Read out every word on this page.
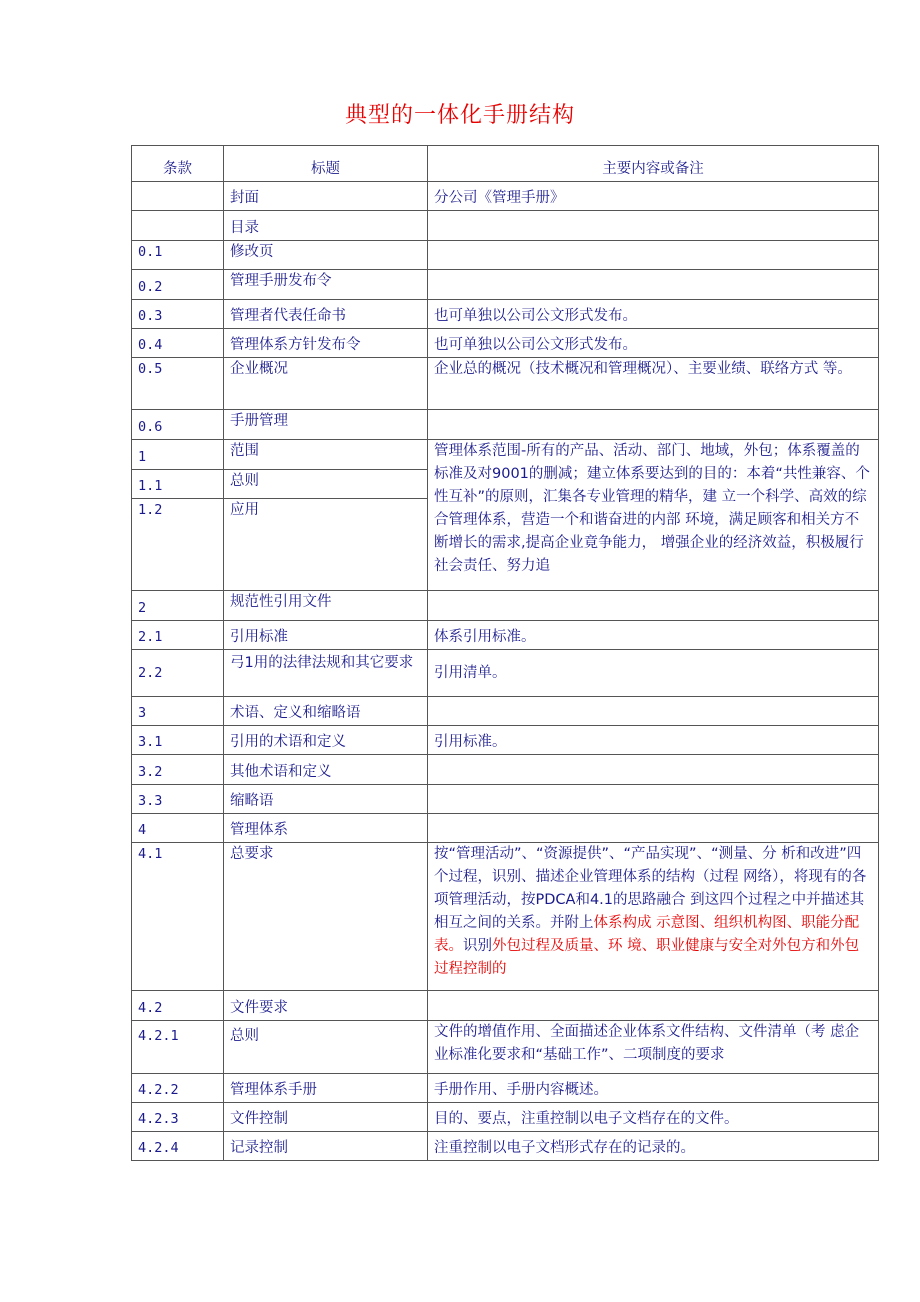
典型的一体化手册结构
条款	标题	主要内容或备注
	封面	分公司《管理手册》
	目录	
0.1	修改页	
0.2	管理手册发布令	
0.3	管理者代表任命书	也可单独以公司公文形式发布。
0.4	管理体系方针发布令	也可单独以公司公文形式发布。
0.5	企业概况	企业总的概况（技术概况和管理概况）、主要业绩、联络方式 等。
0.6	手册管理	
1	范围	管理体系范围-所有的产品、活动、部门、地域，外包；体系覆盖的标准及对9001的删减；建立体系要达到的目的：本着“共性兼容、个性互补”的原则，汇集各专业管理的精华，建 立一个科学、高效的综合管理体系，营造一个和谐奋进的内部 环境，满足顾客和相关方不断增长的需求,提高企业竟争能力， 增强企业的经济效益，积极履行社会责任、努力追
1.1	总则	
1.2	应用	
2	规范性引用文件	
2.1	引用标准	体系引用标准。
2.2	弓1用的法律法规和其它要求	引用清单。
3	术语、定义和缩略语	
3.1	引用的术语和定义	引用标准。
3.2	其他术语和定义	
3.3	缩略语	
4	管理体系	
4.1	总要求	按“管理活动”、“资源提供”、“产品实现”、“测量、分 析和改进”四个过程，识别、描述企业管理体系的结构（过程 网络），将现有的各项管理活动，按PDCA和4.1的思路融合 到这四个过程之中并描述其相互之间的关系。并附上体系构成 示意图、组织机构图、职能分配表。识别外包过程及质量、环 境、职业健康与安全对外包方和外包过程控制的
4.2	文件要求	
4.2.1	总则	文件的增值作用、全面描述企业体系文件结构、文件清单（考 虑企业标准化要求和“基础工作”、二项制度的要求

4.2.2	管理体系手册	手册作用、手册内容概述。
4.2.3	文件控制	目的、要点，注重控制以电子文档存在的文件。
4.2.4	记录控制	注重控制以电子文档形式存在的记录的。
